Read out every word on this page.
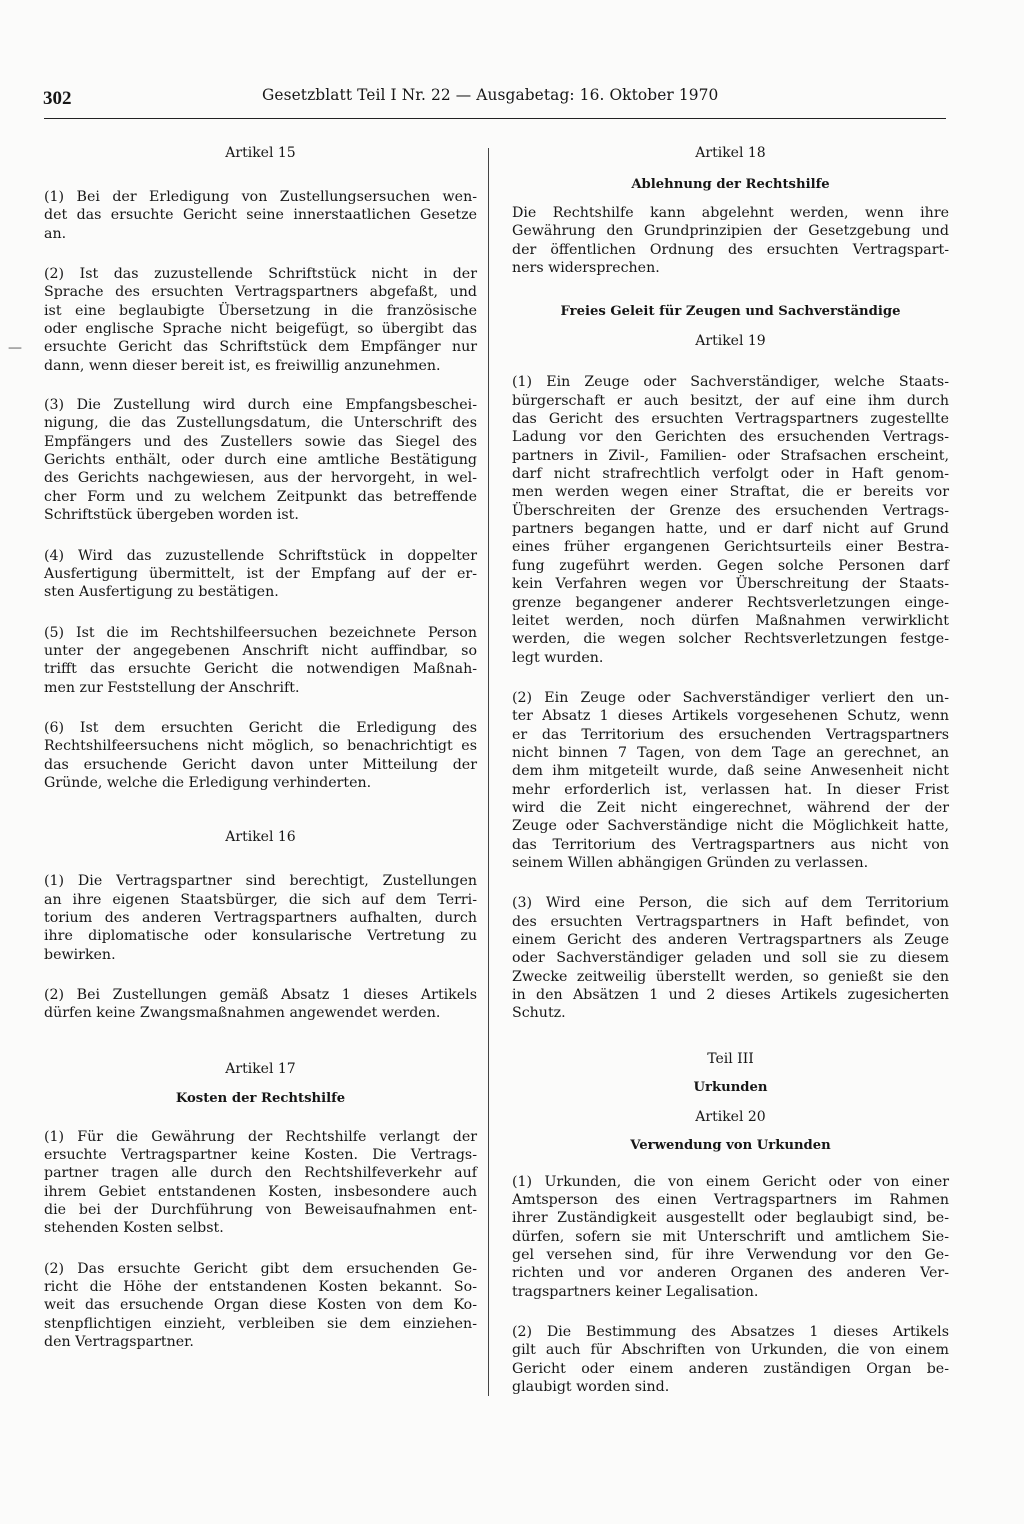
302	Gesetzblatt Teil I Nr. 22 — Ausgabetag: 16. Oktober 1970
—
Artikel 15
(1) Bei der Erledigung von Zustellungsersuchen wen-
det das ersuchte Gericht seine innerstaatlichen Gesetze
an.
(2) Ist das zuzustellende Schriftstück nicht in der
Sprache des ersuchten Vertragspartners abgefaßt, und
ist eine beglaubigte Übersetzung in die französische
oder englische Sprache nicht beigefügt, so übergibt das
ersuchte Gericht das Schriftstück dem Empfänger nur
dann, wenn dieser bereit ist, es freiwillig anzunehmen.
(3) Die Zustellung wird durch eine Empfangsbeschei-
nigung, die das Zustellungsdatum, die Unterschrift des
Empfängers und des Zustellers sowie das Siegel des
Gerichts enthält, oder durch eine amtliche Bestätigung
des Gerichts nachgewiesen, aus der hervorgeht, in wel-
cher Form und zu welchem Zeitpunkt das betreffende
Schriftstück übergeben worden ist.
(4) Wird das zuzustellende Schriftstück in doppelter
Ausfertigung übermittelt, ist der Empfang auf der er-
sten Ausfertigung zu bestätigen.
(5) Ist die im Rechtshilfeersuchen bezeichnete Person
unter der angegebenen Anschrift nicht auffindbar, so
trifft das ersuchte Gericht die notwendigen Maßnah-
men zur Feststellung der Anschrift.
(6) Ist dem ersuchten Gericht die Erledigung des
Rechtshilfeersuchens nicht möglich, so benachrichtigt es
das ersuchende Gericht davon unter Mitteilung der
Gründe, welche die Erledigung verhinderten.
Artikel 16
(1) Die Vertragspartner sind berechtigt, Zustellungen
an ihre eigenen Staatsbürger, die sich auf dem Terri-
torium des anderen Vertragspartners aufhalten, durch
ihre diplomatische oder konsularische Vertretung zu
bewirken.
(2) Bei Zustellungen gemäß Absatz 1 dieses Artikels
dürfen keine Zwangsmaßnahmen angewendet werden.
Artikel 17
Kosten der Rechtshilfe
(1) Für die Gewährung der Rechtshilfe verlangt der
ersuchte Vertragspartner keine Kosten. Die Vertrags-
partner tragen alle durch den Rechtshilfeverkehr auf
ihrem Gebiet entstandenen Kosten, insbesondere auch
die bei der Durchführung von Beweisaufnahmen ent-
stehenden Kosten selbst.
(2) Das ersuchte Gericht gibt dem ersuchenden Ge-
richt die Höhe der entstandenen Kosten bekannt. So-
weit das ersuchende Organ diese Kosten von dem Ko-
stenpflichtigen einzieht, verbleiben sie dem einziehen-
den Vertragspartner.
Artikel 18
Ablehnung der Rechtshilfe
Die Rechtshilfe kann abgelehnt werden, wenn ihre
Gewährung den Grundprinzipien der Gesetzgebung und
der öffentlichen Ordnung des ersuchten Vertragspart-
ners widersprechen.
Freies Geleit für Zeugen und Sachverständige
Artikel 19
(1) Ein Zeuge oder Sachverständiger, welche Staats-
bürgerschaft er auch besitzt, der auf eine ihm durch
das Gericht des ersuchten Vertragspartners zugestellte
Ladung vor den Gerichten des ersuchenden Vertrags-
partners in Zivil-, Familien- oder Strafsachen erscheint,
darf nicht strafrechtlich verfolgt oder in Haft genom-
men werden wegen einer Straftat, die er bereits vor
Überschreiten der Grenze des ersuchenden Vertrags-
partners begangen hatte, und er darf nicht auf Grund
eines früher ergangenen Gerichtsurteils einer Bestra-
fung zugeführt werden. Gegen solche Personen darf
kein Verfahren wegen vor Überschreitung der Staats-
grenze begangener anderer Rechtsverletzungen einge-
leitet werden, noch dürfen Maßnahmen verwirklicht
werden, die wegen solcher Rechtsverletzungen festge-
legt wurden.
(2) Ein Zeuge oder Sachverständiger verliert den un-
ter Absatz 1 dieses Artikels vorgesehenen Schutz, wenn
er das Territorium des ersuchenden Vertragspartners
nicht binnen 7 Tagen, von dem Tage an gerechnet, an
dem ihm mitgeteilt wurde, daß seine Anwesenheit nicht
mehr erforderlich ist, verlassen hat. In dieser Frist
wird die Zeit nicht eingerechnet, während der der
Zeuge oder Sachverständige nicht die Möglichkeit hatte,
das Territorium des Vertragspartners aus nicht von
seinem Willen abhängigen Gründen zu verlassen.
(3) Wird eine Person, die sich auf dem Territorium
des ersuchten Vertragspartners in Haft befindet, von
einem Gericht des anderen Vertragspartners als Zeuge
oder Sachverständiger geladen und soll sie zu diesem
Zwecke zeitweilig überstellt werden, so genießt sie den
in den Absätzen 1 und 2 dieses Artikels zugesicherten
Schutz.
Teil III
Urkunden
Artikel 20
Verwendung von Urkunden
(1) Urkunden, die von einem Gericht oder von einer
Amtsperson des einen Vertragspartners im Rahmen
ihrer Zuständigkeit ausgestellt oder beglaubigt sind, be-
dürfen, sofern sie mit Unterschrift und amtlichem Sie-
gel versehen sind, für ihre Verwendung vor den Ge-
richten und vor anderen Organen des anderen Ver-
tragspartners keiner Legalisation.
(2) Die Bestimmung des Absatzes 1 dieses Artikels
gilt auch für Abschriften von Urkunden, die von einem
Gericht oder einem anderen zuständigen Organ be-
glaubigt worden sind.
